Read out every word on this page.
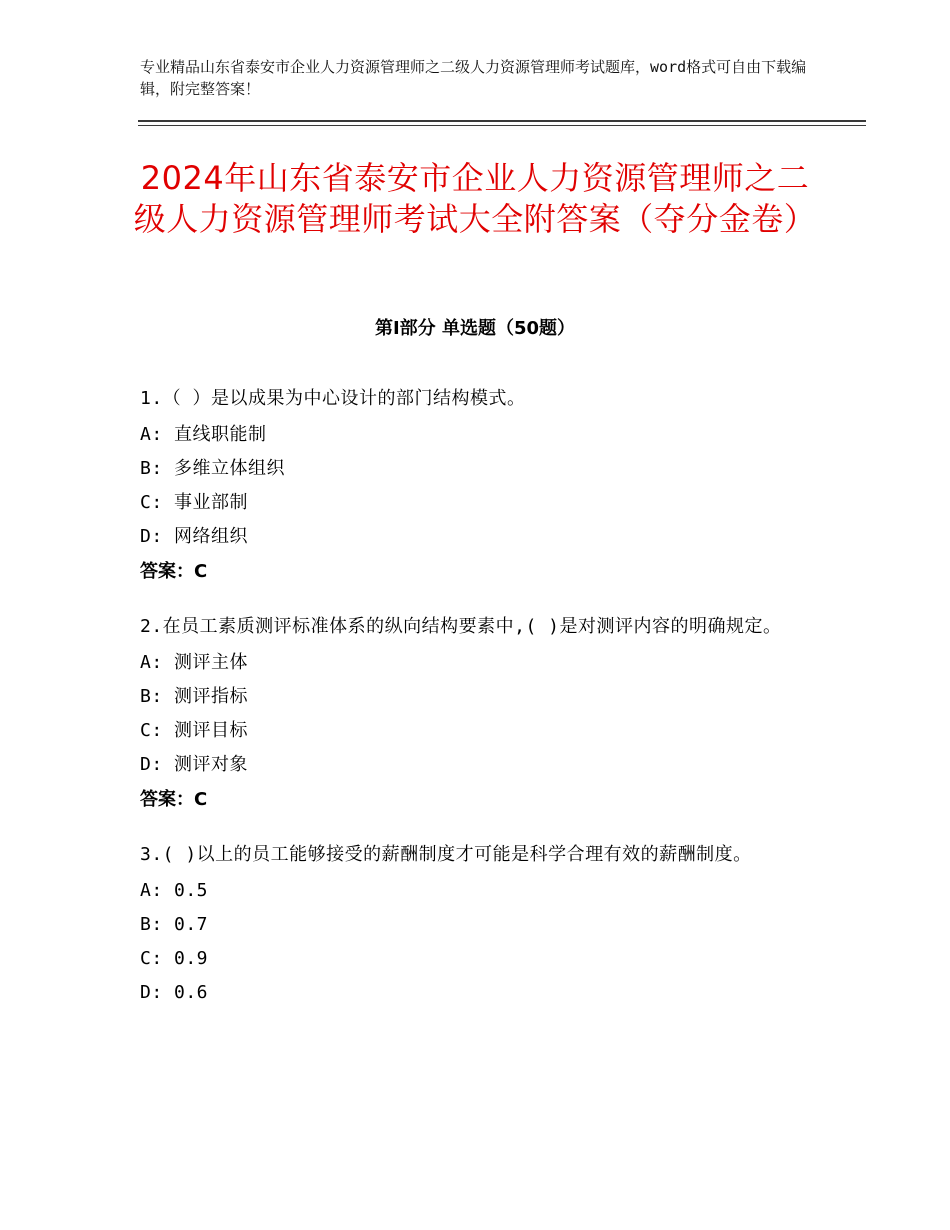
专业精品山东省泰安市企业人力资源管理师之二级人力资源管理师考试题库，word格式可自由下载编辑，附完整答案！
2024年山东省泰安市企业人力资源管理师之二级人力资源管理师考试大全附答案（夺分金卷）
第Ⅰ部分 单选题（50题）
1.（ ）是以成果为中心设计的部门结构模式。
A: 直线职能制
B: 多维立体组织
C: 事业部制
D: 网络组织
答案：C
2.在员工素质测评标准体系的纵向结构要素中,( )是对测评内容的明确规定。
A: 测评主体
B: 测评指标
C: 测评目标
D: 测评对象
答案：C
3.( )以上的员工能够接受的薪酬制度才可能是科学合理有效的薪酬制度。
A: 0.5
B: 0.7
C: 0.9
D: 0.6
